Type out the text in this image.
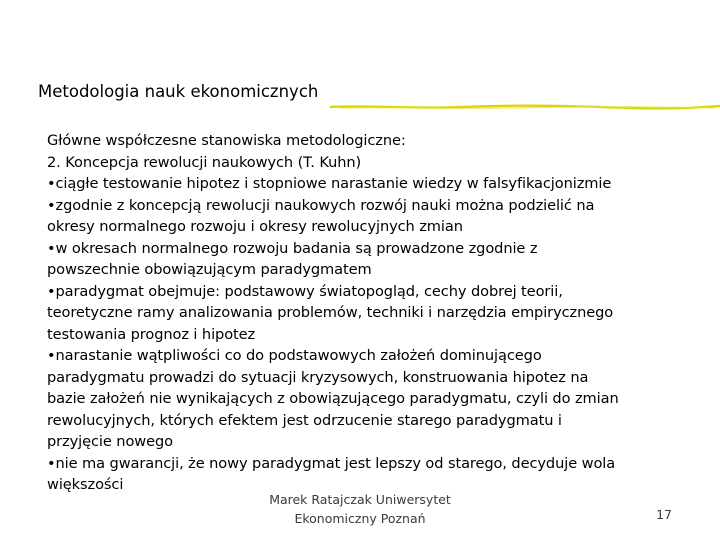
Metodologia nauk ekonomicznych
Główne współczesne stanowiska metodologiczne:
2. Koncepcja rewolucji naukowych (T. Kuhn)
•ciągłe testowanie hipotez i stopniowe narastanie wiedzy w falsyfikacjonizmie
•zgodnie z koncepcją rewolucji naukowych rozwój nauki można podzielić na
okresy normalnego rozwoju i okresy rewolucyjnych zmian
•w okresach normalnego rozwoju badania są prowadzone zgodnie z
powszechnie obowiązującym paradygmatem
•paradygmat obejmuje: podstawowy światopogląd, cechy dobrej teorii,
teoretyczne ramy analizowania problemów, techniki i narzędzia empirycznego
testowania prognoz i hipotez
•narastanie wątpliwości co do podstawowych założeń dominującego
paradygmatu prowadzi do sytuacji kryzysowych, konstruowania hipotez na
bazie założeń nie wynikających z obowiązującego paradygmatu, czyli do zmian
rewolucyjnych, których efektem jest odrzucenie starego paradygmatu i
przyjęcie nowego
•nie ma gwarancji, że nowy paradygmat jest lepszy od starego, decyduje wola
większości
Marek Ratajczak Uniwersytet
Ekonomiczny Poznań	17
